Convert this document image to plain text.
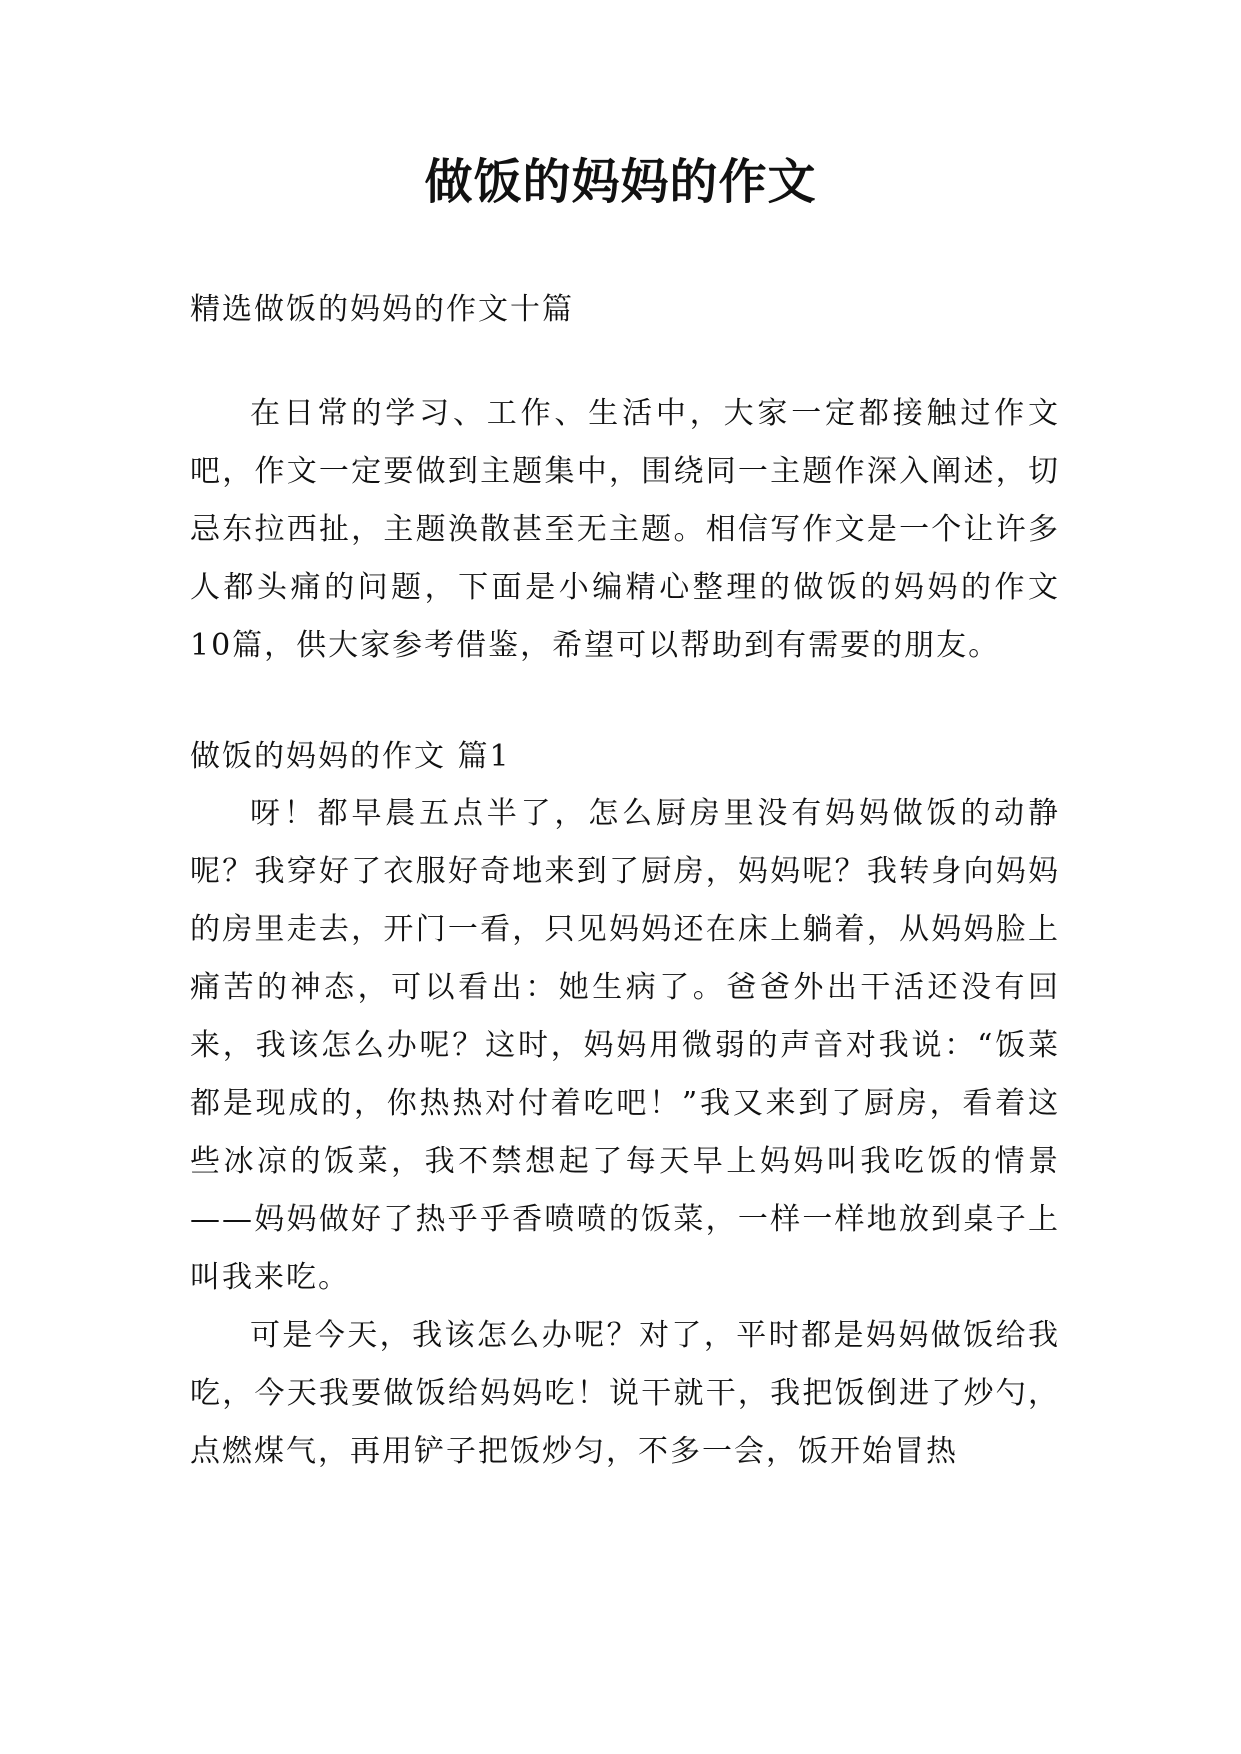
做饭的妈妈的作文

精选做饭的妈妈的作文十篇

在日常的学习、工作、生活中，大家一定都接触过作文吧，作文一定要做到主题集中，围绕同一主题作深入阐述，切忌东拉西扯，主题涣散甚至无主题。相信写作文是一个让许多人都头痛的问题，下面是小编精心整理的做饭的妈妈的作文10篇，供大家参考借鉴，希望可以帮助到有需要的朋友。

做饭的妈妈的作文 篇1

呀！都早晨五点半了，怎么厨房里没有妈妈做饭的动静呢？我穿好了衣服好奇地来到了厨房，妈妈呢？我转身向妈妈的房里走去，开门一看，只见妈妈还在床上躺着，从妈妈脸上痛苦的神态，可以看出：她生病了。爸爸外出干活还没有回来，我该怎么办呢？这时，妈妈用微弱的声音对我说：“饭菜都是现成的，你热热对付着吃吧！”我又来到了厨房，看着这些冰凉的饭菜，我不禁想起了每天早上妈妈叫我吃饭的情景——妈妈做好了热乎乎香喷喷的饭菜，一样一样地放到桌子上叫我来吃。

可是今天，我该怎么办呢？对了，平时都是妈妈做饭给我吃，今天我要做饭给妈妈吃！说干就干，我把饭倒进了炒勺，点燃煤气，再用铲子把饭炒匀，不多一会，饭开始冒热
